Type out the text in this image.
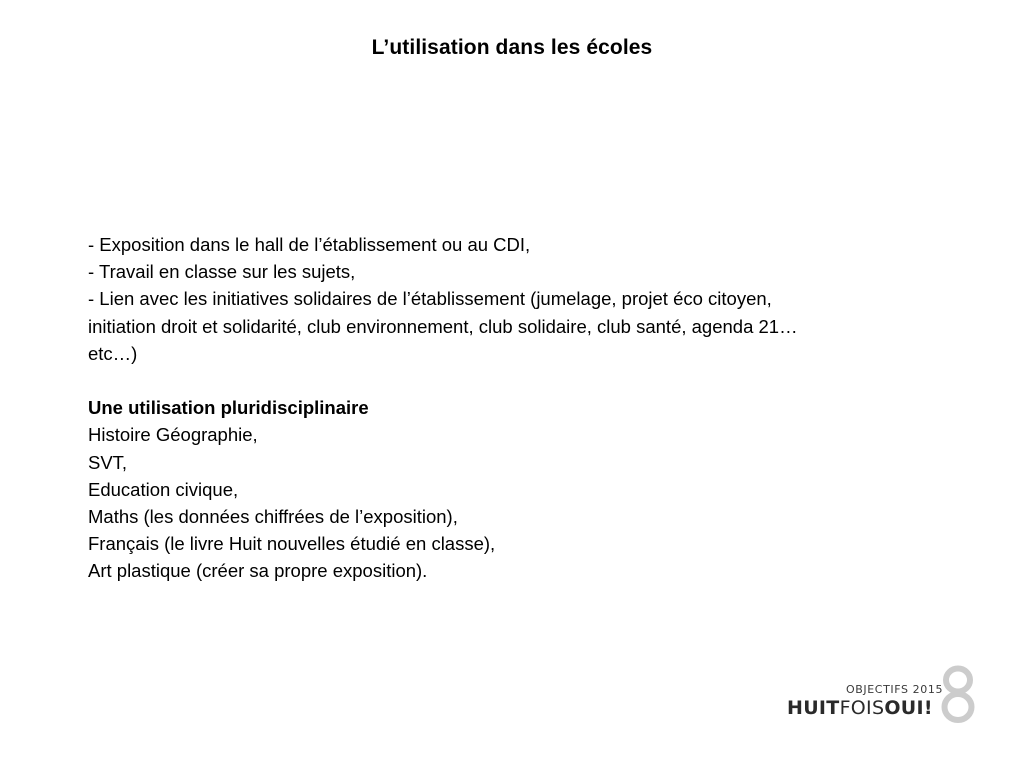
L’utilisation dans les écoles
- Exposition dans le hall de l’établissement ou au CDI,
- Travail en classe sur les sujets,
- Lien avec les initiatives solidaires de l’établissement (jumelage, projet éco citoyen,
initiation droit et solidarité, club environnement, club solidaire, club santé, agenda 21…
etc…)
Une utilisation pluridisciplinaire
Histoire Géographie,
SVT,
Education civique,
Maths (les données chiffrées de l’exposition),
Français (le livre Huit nouvelles étudié en classe),
Art plastique (créer sa propre exposition).
OBJECTIFS 2015
HUITFOISOUI!
